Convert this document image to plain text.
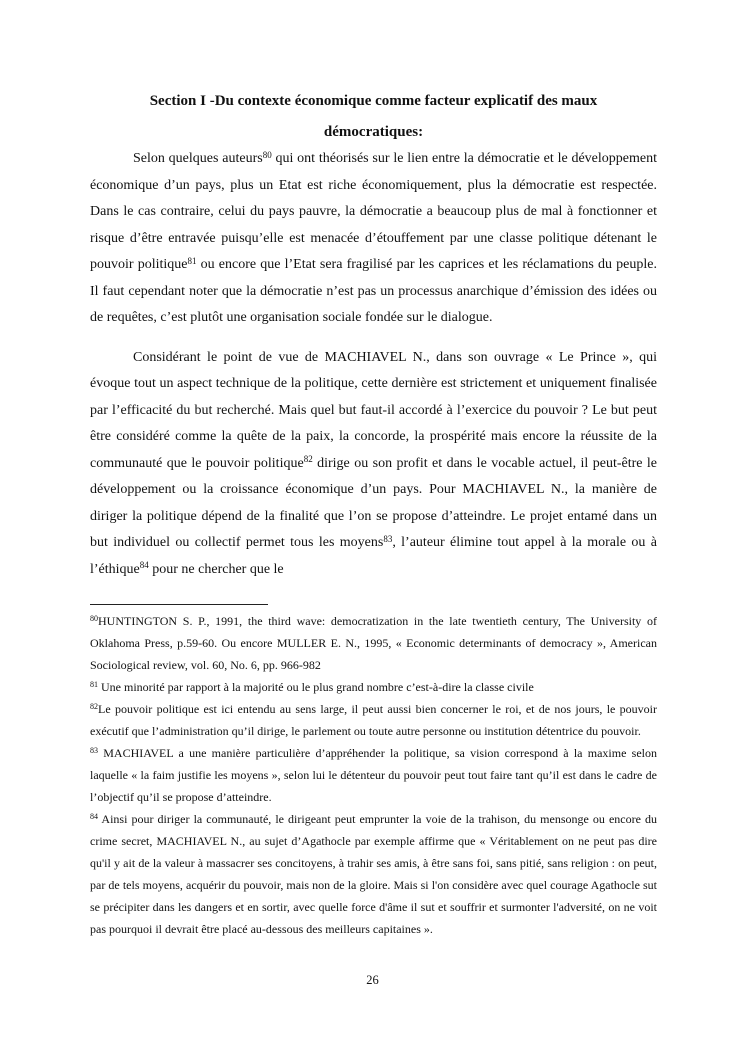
Section I -Du contexte économique comme facteur explicatif des maux
démocratiques:

Selon quelques auteurs$^{80}$ qui ont théorisés sur le lien entre la démocratie et le développement économique d’un pays, plus un Etat est riche économiquement, plus la démocratie est respectée. Dans le cas contraire, celui du pays pauvre, la démocratie a beaucoup plus de mal à fonctionner et risque d’être entravée puisqu’elle est menacée d’étouffement par une classe politique détenant le pouvoir politique$^{81}$ ou encore que l’Etat sera fragilisé par les caprices et les réclamations du peuple. Il faut cependant noter que la démocratie n’est pas un processus anarchique d’émission des idées ou de requêtes, c’est plutôt une organisation sociale fondée sur le dialogue.

Considérant le point de vue de MACHIAVEL N., dans son ouvrage « Le Prince », qui évoque tout un aspect technique de la politique, cette dernière est strictement et uniquement finalisée par l’efficacité du but recherché. Mais quel but faut-il accordé à l’exercice du pouvoir ? Le but peut être considéré comme la quête de la paix, la concorde, la prospérité mais encore la réussite de la communauté que le pouvoir politique$^{82}$ dirige ou son profit et dans le vocable actuel, il peut-être le développement ou la croissance économique d’un pays. Pour MACHIAVEL N., la manière de diriger la politique dépend de la finalité que l’on se propose d’atteindre. Le projet entamé dans un but individuel ou collectif permet tous les moyens$^{83}$, l’auteur élimine tout appel à la morale ou à l’éthique$^{84}$ pour ne chercher que le

$^{80}$HUNTINGTON S. P., 1991, the third wave: democratization in the late twentieth century, The University of Oklahoma Press, p.59-60. Ou encore MULLER E. N., 1995, « Economic determinants of democracy », American Sociological review, vol. 60, No. 6, pp. 966-982

$^{81}$ Une minorité par rapport à la majorité ou le plus grand nombre c’est-à-dire la classe civile

$^{82}$Le pouvoir politique est ici entendu au sens large, il peut aussi bien concerner le roi, et de nos jours, le pouvoir exécutif que l’administration qu’il dirige, le parlement ou toute autre personne ou institution détentrice du pouvoir.

$^{83}$ MACHIAVEL a une manière particulière d’appréhender la politique, sa vision correspond à la maxime selon laquelle « la faim justifie les moyens », selon lui le détenteur du pouvoir peut tout faire tant qu’il est dans le cadre de l’objectif qu’il se propose d’atteindre.

$^{84}$ Ainsi pour diriger la communauté, le dirigeant peut emprunter la voie de la trahison, du mensonge ou encore du crime secret, MACHIAVEL N., au sujet d’Agathocle par exemple affirme que « Véritablement on ne peut pas dire qu'il y ait de la valeur à massacrer ses concitoyens, à trahir ses amis, à être sans foi, sans pitié, sans religion : on peut, par de tels moyens, acquérir du pouvoir, mais non de la gloire. Mais si l'on considère avec quel courage Agathocle sut se précipiter dans les dangers et en sortir, avec quelle force d'âme il sut et souffrir et surmonter l'adversité, on ne voit pas pourquoi il devrait être placé au-dessous des meilleurs capitaines ».

26
